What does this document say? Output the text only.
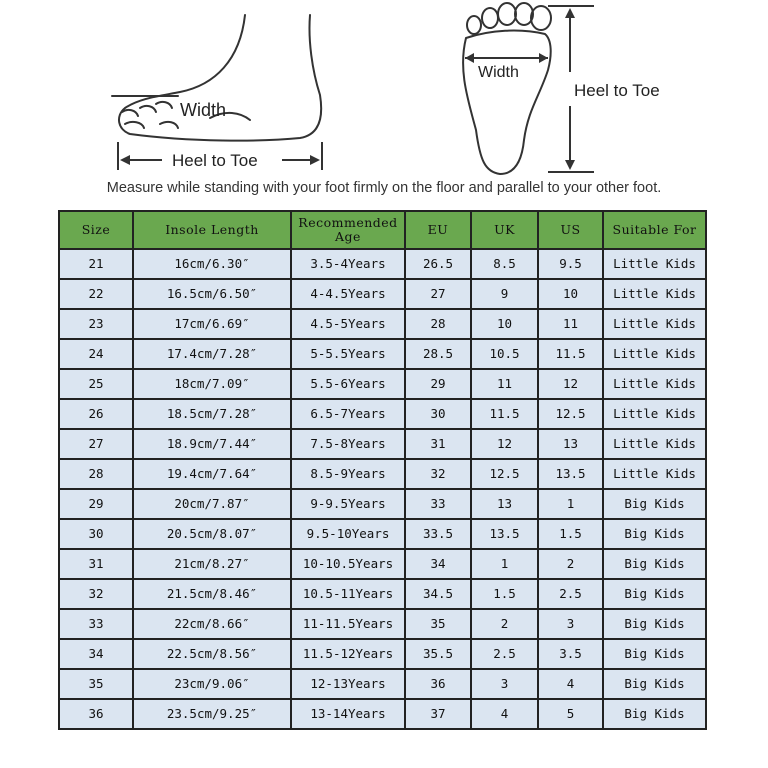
Width
Heel to Toe
Width
Heel to Toe
Measure while standing with your foot firmly on the floor and parallel to your other foot.
Size	Insole Length	Recommended Age	EU	UK	US	Suitable For
21	16cm/6.30″	3.5-4Years	26.5	8.5	9.5	Little Kids
22	16.5cm/6.50″	4-4.5Years	27	9	10	Little Kids
23	17cm/6.69″	4.5-5Years	28	10	11	Little Kids
24	17.4cm/7.28″	5-5.5Years	28.5	10.5	11.5	Little Kids
25	18cm/7.09″	5.5-6Years	29	11	12	Little Kids
26	18.5cm/7.28″	6.5-7Years	30	11.5	12.5	Little Kids
27	18.9cm/7.44″	7.5-8Years	31	12	13	Little Kids
28	19.4cm/7.64″	8.5-9Years	32	12.5	13.5	Little Kids
29	20cm/7.87″	9-9.5Years	33	13	1	Big Kids
30	20.5cm/8.07″	9.5-10Years	33.5	13.5	1.5	Big Kids
31	21cm/8.27″	10-10.5Years	34	1	2	Big Kids
32	21.5cm/8.46″	10.5-11Years	34.5	1.5	2.5	Big Kids
33	22cm/8.66″	11-11.5Years	35	2	3	Big Kids
34	22.5cm/8.56″	11.5-12Years	35.5	2.5	3.5	Big Kids
35	23cm/9.06″	12-13Years	36	3	4	Big Kids
36	23.5cm/9.25″	13-14Years	37	4	5	Big Kids
